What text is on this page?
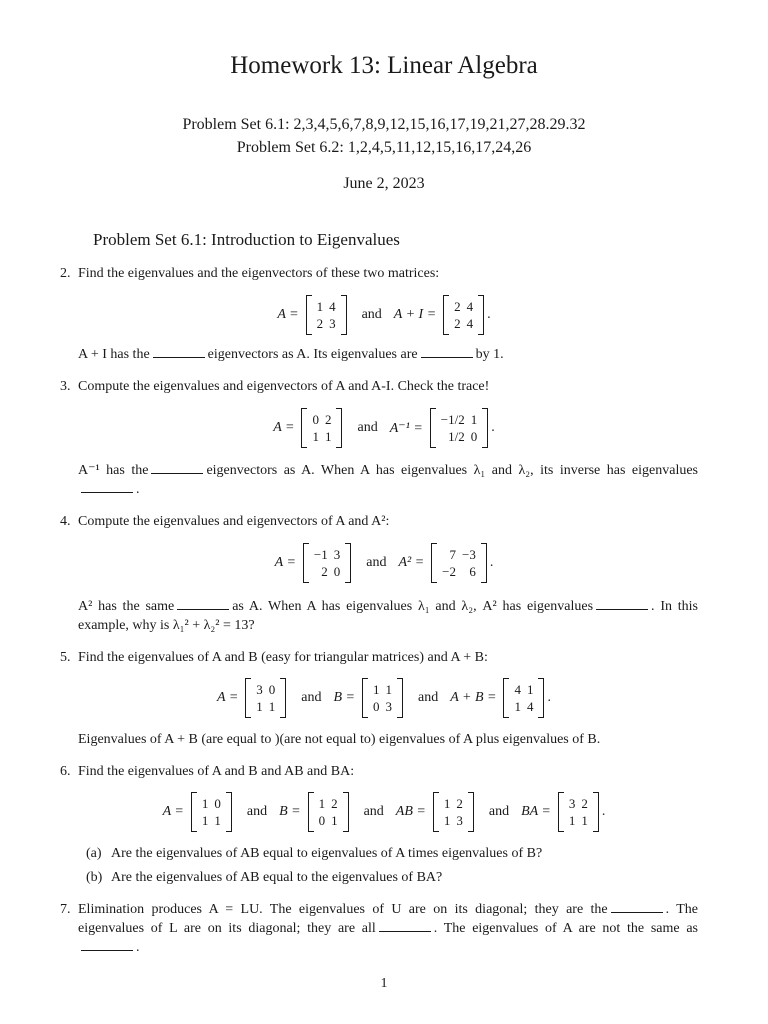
Homework 13: Linear Algebra
Problem Set 6.1: 2,3,4,5,6,7,8,9,12,15,16,17,19,21,27,28.29.32
Problem Set 6.2: 1,2,4,5,11,12,15,16,17,24,26
June 2, 2023
Problem Set 6.1: Introduction to Eigenvalues
2. Find the eigenvalues and the eigenvectors of these two matrices:
A =
1 4
2 3
and A + I =
2 4
2 4
.
A + I has the	eigenvectors as A. Its eigenvalues are	by 1.
3. Compute the eigenvalues and eigenvectors of A and A-I. Check the trace!
A =
0 2
1 1
and A⁻¹ =
−1/2 1
1/2 0
.
A⁻¹ has the	eigenvectors as A. When A has eigenvalues λ₁ and λ₂, its inverse has eigenvalues .
4. Compute the eigenvalues and eigenvectors of A and A²:
A =
−1 3
2 0
and A² =
7 −3
−2	6
.
A² has the same	as A. When A has eigenvalues λ₁ and λ₂, A² has eigenvalues	. In this example, why is λ₁² + λ₂² = 13?
5. Find the eigenvalues of A and B (easy for triangular matrices) and A + B:
A =
3 0
1 1
and B =
1 1
0 3
and A + B =
4 1
1 4
.
Eigenvalues of A + B (are equal to )(are not equal to) eigenvalues of A plus eigenvalues of B.
6. Find the eigenvalues of A and B and AB and BA:
A =
1 0
1 1
and B =
1 2
0 1
and AB =
1 2
1 3
and BA =
3 2
1 1
.
(a) Are the eigenvalues of AB equal to eigenvalues of A times eigenvalues of B?
(b) Are the eigenvalues of AB equal to the eigenvalues of BA?
7. Elimination produces A = LU. The eigenvalues of U are on its diagonal; they are the	. The eigenvalues of L are on its diagonal; they are all	. The eigenvalues of A are not the same as .
1
